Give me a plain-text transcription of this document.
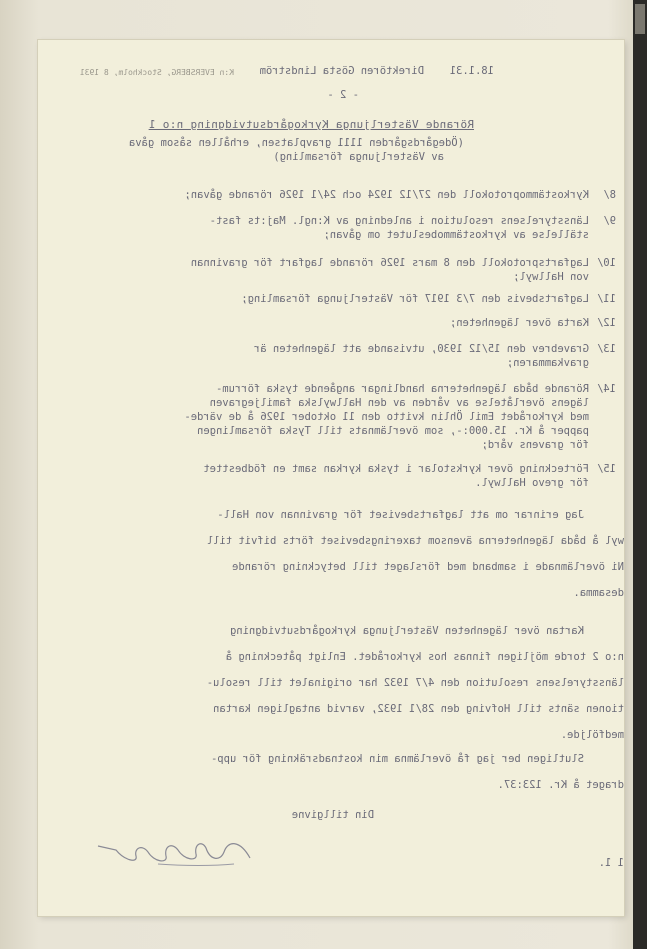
18.1.31
Direktören Gösta Lindström
K:n EVERSBERG, Stockholm, 8 1931
- 2 -
Rörande Västerljunga Kyrkogårdsutvidgning n:o 1
(Ödegårdsgården 1111 gravplatsen, erhållen såsom gåva
av Västerljunga församling)
8/
Kyrkostämmoprotokoll den 27/12 1924 och 24/1 1926 rörande gåvan;
9/
Länsstyrelsens resolution i anledning av K:ngl. Maj:ts fast-
ställelse av kyrkostämmobeslutet om gåvan;
10/
Lagfartsprotokoll den 8 mars 1926 rörande lagfart för gravinnan
von Hallwyl;
11/
Lagfartsbevis den 7/3 1917 för Västerljunga församling;
12/
Karta över lägenheten;
13/
Gravebrev den 15/12 1930, utvisande att lägenheten är
gravkammaren;
14/
Rörande båda lägenheterna handlingar angående tyska förrum-
lägens överlåtelse av vården av den Hallwylska familjegraven
med kyrkorådet Emil Öhlin kvitto den 11 oktober 1926 å de värde-
papper å Kr. 15.000:-, som överlämnats till Tyska församlingen
för gravens vård;
15/
Förteckning över kyrkstolar i tyska kyrkan samt en födbesttet
för grevo Hallwyl.
Jag erinrar om att lagfartsbeviset för gravinnan von Hall-
wyl å båda lägenheterna ävensom taxeringsbeviset förts bifvit till
Ni överlämnade i samband med förslaget till betyckning rörande
desamma.
Kartan över lägenheten Västerljunga kyrkogårdsutvidgning
n:o 2 torde möjligen finnas hos kyrkorådet. Enligt påteckning å
länsstyrelsens resolution den 4/7 1932 har originalet till resolu-
tionen sänts till Hofving den 28/1 1932, varvid antagligen kartan
medföljde.
Slutligen ber jag få överlämna min kostnadsräkning för upp-
draget å Kr. 123:37.
Din tillgivne
1 1.
